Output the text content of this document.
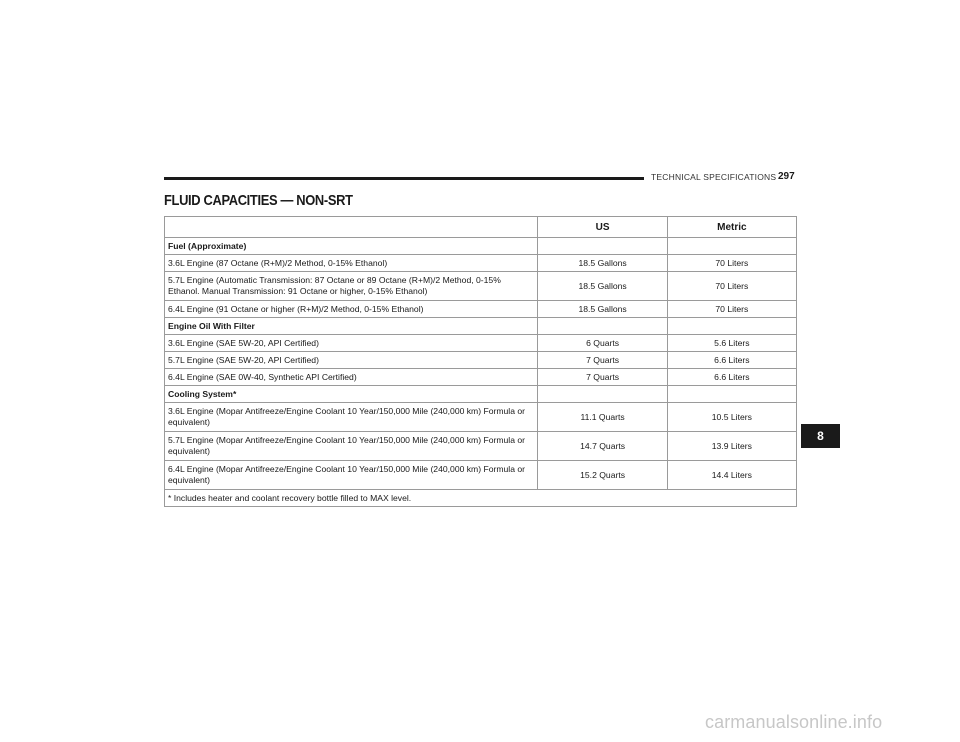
TECHNICAL SPECIFICATIONS 297
FLUID CAPACITIES — NON-SRT
	US	Metric
Fuel (Approximate)		
3.6L Engine (87 Octane (R+M)/2 Method, 0-15% Ethanol)	18.5 Gallons	70 Liters
5.7L Engine (Automatic Transmission: 87 Octane or 89 Octane (R+M)/2 Method, 0-15% Ethanol. Manual Transmission: 91 Octane or higher, 0-15% Ethanol)	18.5 Gallons	70 Liters
6.4L Engine (91 Octane or higher (R+M)/2 Method, 0-15% Ethanol)	18.5 Gallons	70 Liters
Engine Oil With Filter		
3.6L Engine (SAE 5W-20, API Certified)	6 Quarts	5.6 Liters
5.7L Engine (SAE 5W-20, API Certified)	7 Quarts	6.6 Liters
6.4L Engine (SAE 0W-40, Synthetic API Certified)	7 Quarts	6.6 Liters
Cooling System*		
3.6L Engine (Mopar Antifreeze/Engine Coolant 10 Year/150,000 Mile (240,000 km) Formula or equivalent)	11.1 Quarts	10.5 Liters
5.7L Engine (Mopar Antifreeze/Engine Coolant 10 Year/150,000 Mile (240,000 km) Formula or equivalent)	14.7 Quarts	13.9 Liters
6.4L Engine (Mopar Antifreeze/Engine Coolant 10 Year/150,000 Mile (240,000 km) Formula or equivalent)	15.2 Quarts	14.4 Liters
* Includes heater and coolant recovery bottle filled to MAX level.		
8
carmanualsonline.info
